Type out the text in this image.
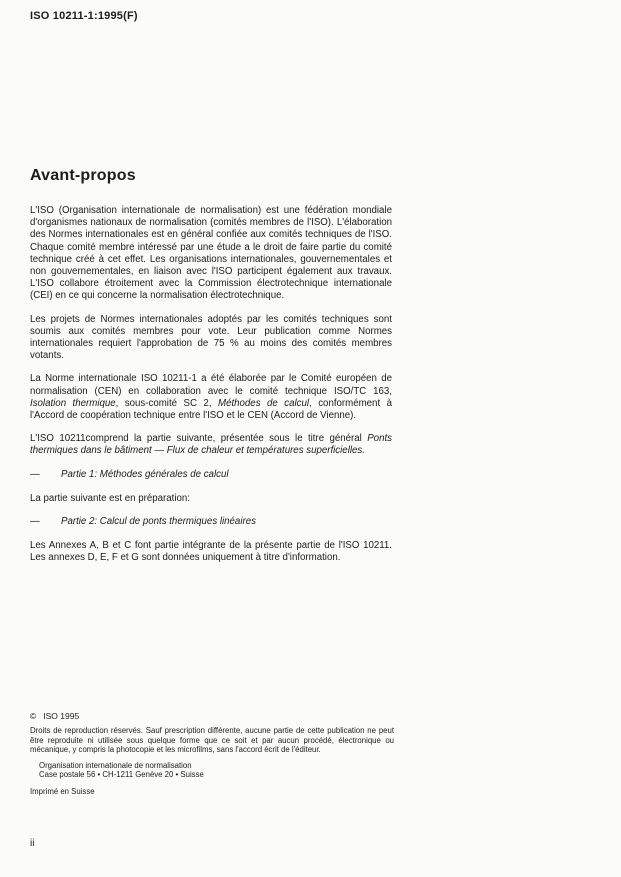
ISO 10211-1:1995(F)
Avant-propos

L'ISO (Organisation internationale de normalisation) est une fédération mondiale d'organismes nationaux de normalisation (comités membres de l'ISO). L'élaboration des Normes internationales est en général confiée aux comités techniques de l'ISO. Chaque comité membre intéressé par une étude a le droit de faire partie du comité technique créé à cet effet. Les organisations internationales, gouvernementales et non gouvernementales, en liaison avec l'ISO participent également aux travaux. L'ISO collabore étroitement avec la Commission électrotechnique internationale (CEI) en ce qui concerne la normalisation électrotechnique.

Les projets de Normes internationales adoptés par les comités techniques sont soumis aux comités membres pour vote. Leur publication comme Normes internationales requiert l'approbation de 75 % au moins des comités membres votants.

La Norme internationale ISO 10211-1 a été élaborée par le Comité européen de normalisation (CEN) en collaboration avec le comité technique ISO/TC 163, Isolation thermique, sous-comité SC 2, Méthodes de calcul, conformément à l'Accord de coopération technique entre l'ISO et le CEN (Accord de Vienne).

L'ISO 10211comprend la partie suivante, présentée sous le titre général Ponts thermiques dans le bâtiment — Flux de chaleur et températures superficielles.

—	Partie 1: Méthodes générales de calcul

La partie suivante est en préparation:

—	Partie 2: Calcul de ponts thermiques linéaires

Les Annexes A, B et C font partie intégrante de la présente partie de l'ISO 10211. Les annexes D, E, F et G sont données uniquement à titre d'information.

© ISO 1995
Droits de reproduction réservés. Sauf prescription différente, aucune partie de cette publication ne peut être reproduite ni utilisée sous quelque forme que ce soit et par aucun procédé, électronique ou mécanique, y compris la photocopie et les microfilms, sans l'accord écrit de l'éditeur.
Organisation internationale de normalisation
Case postale 56 • CH-1211 Genève 20 • Suisse
Imprimé en Suisse
ii
